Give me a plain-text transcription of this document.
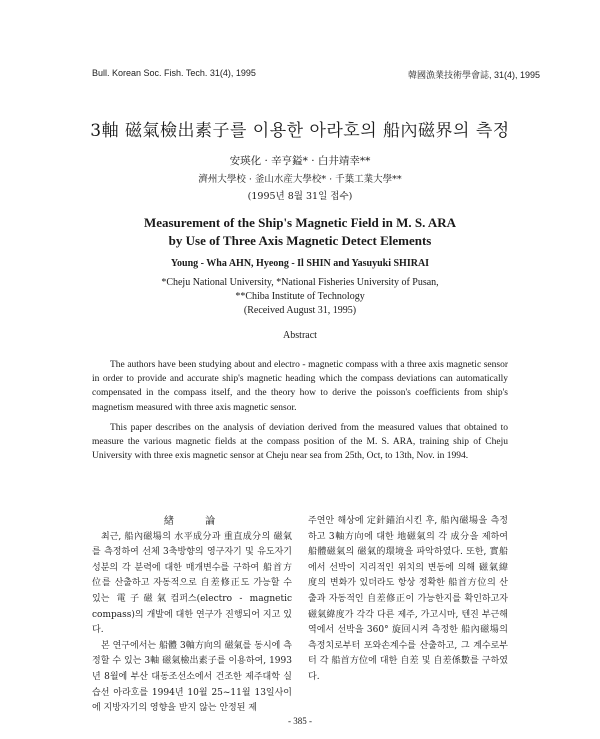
Bull. Korean Soc. Fish. Tech. 31(4), 1995	韓國漁業技術學會誌, 31(4), 1995
3軸 磁氣檢出素子를 이용한 아라호의 船內磁界의 측정
安瑛化 · 辛亨鎰* · 白井靖幸**
濟州大學校 · 釜山水産大學校* · 千葉工業大學**
(1995년 8월 31일 접수)
Measurement of the Ship's Magnetic Field in M. S. ARA
by Use of Three Axis Magnetic Detect Elements
Young - Wha AHN, Hyeong - Il SHIN and Yasuyuki SHIRAI
*Cheju National University, *National Fisheries University of Pusan,
**Chiba Institute of Technology
(Received August 31, 1995)
Abstract

The authors have been studying about and electro - magnetic compass with a three axis magnetic sensor in order to provide and accurate ship's magnetic heading which the compass deviations can automatically compensated in the compass itself, and the theory how to derive the poisson's coefficients from ship's magnetism measured with three axis magnetic sensor.

This paper describes on the analysis of deviation derived from the measured values that obtained to measure the various magnetic fields at the compass position of the M. S. ARA, training ship of Cheju University with three exis magnetic sensor at Cheju near sea from 25th, Oct, to 13th, Nov. in 1994.

緖 論

최근, 船內磁場의 水平成分과 重直成分의 磁氣를 측정하여 선체 3축방향의 영구자기 및 유도자기 성분의 각 분력에 대한 매개변수를 구하여 船首方位를 산출하고 자동적으로 自差修正도 가능할 수 있는 電子磁氣컴퍼스(electro - magnetic compass)의 개발에 대한 연구가 진행되어 지고 있다.

본 연구에서는 船體 3軸方向의 磁氣를 동시에 측정할 수 있는 3軸 磁氣檢出素子를 이용하여, 1993년 8월에 부산 대동조선소에서 건조한 제주대학 실습선 아라호를 1994년 10월 25~11월 13일사이에 지방자기의 영향을 받지 않는 안정된 제

주연안 해상에 定針錨泊시킨 후, 船內磁場을 측정하고 3軸方向에 대한 地磁氣의 각 成分을 제하여 船體磁氣의 磁氣的環境을 파악하였다. 또한, 實船에서 선박이 지리적인 위치의 변동에 의해 磁氣緯度의 변화가 있더라도 항상 정확한 船首方位의 산출과 자동적인 自差修正이 가능한지를 확인하고자 磁氣緯度가 각각 다른 제주, 가고시마, 텐진 부근해역에서 선박을 360° 旋回시켜 측정한 船內磁場의 측정치로부터 포와손계수를 산출하고, 그 계수로부터 각 船首方位에 대한 自差 및 自差係數를 구하였다.

- 385 -
